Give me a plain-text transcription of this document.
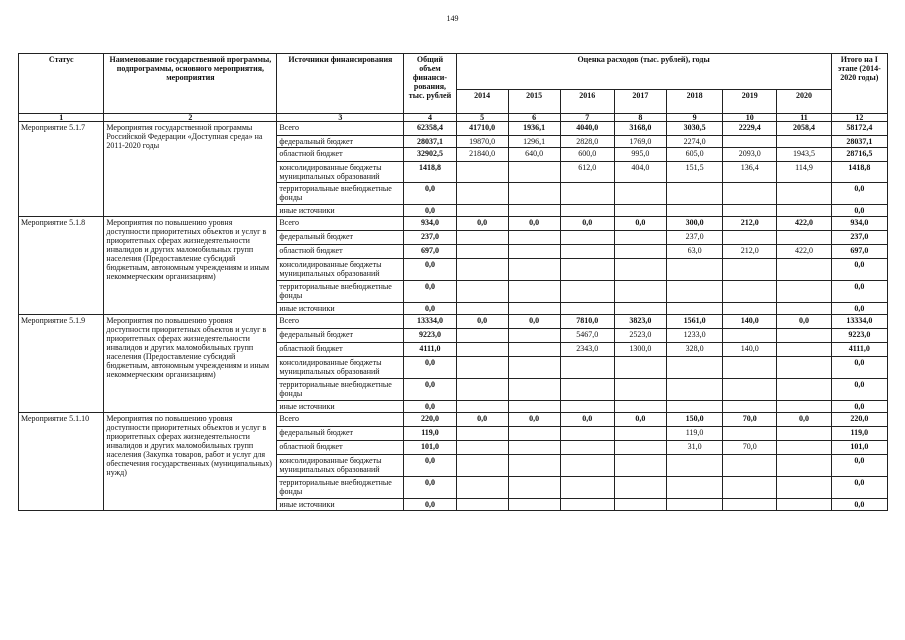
149
Статус	Наименование государственной программы, подпрограммы, основного мероприятия, мероприятия	Источники финансирования	Общий объем финанси-рования, тыс. рублей	Оценка расходов (тыс. рублей), годы							Итого на I этапе (2014-2020 годы)
				2014	2015	2016	2017	2018	2019	2020	
1	2	3	4	5	6	7	8	9	10	11	12
Мероприятие 5.1.7	Мероприятия государственной программы Российской Федерации «Доступная среда» на 2011-2020 годы	Всего	62358,4	41710,0	1936,1	4040,0	3168,0	3030,5	2229,4	2058,4	58172,4
		федеральный бюджет	28037,1	19870,0	1296,1	2828,0	1769,0	2274,0			28037,1
		областной бюджет	32902,5	21840,0	640,0	600,0	995,0	605,0	2093,0	1943,5	28716,5
		консолидированные бюджеты муниципальных образований	1418,8			612,0	404,0	151,5	136,4	114,9	1418,8
		территориальные внебюджетные фонды	0,0								0,0
		иные источники	0,0								0,0
Мероприятие 5.1.8	Мероприятия по повышению уровня доступности приоритетных объектов и услуг в приоритетных сферах жизнедеятельности инвалидов и других маломобильных групп населения (Предоставление субсидий бюджетным, автономным учреждениям и иным некоммерческим организациям)	Всего	934,0	0,0	0,0	0,0	0,0	300,0	212,0	422,0	934,0
		федеральный бюджет	237,0					237,0			237,0
		областной бюджет	697,0					63,0	212,0	422,0	697,0
		консолидированные бюджеты муниципальных образований	0,0								0,0
		территориальные внебюджетные фонды	0,0								0,0
		иные источники	0,0								0,0
Мероприятие 5.1.9	Мероприятия по повышению уровня доступности приоритетных объектов и услуг в приоритетных сферах жизнедеятельности инвалидов и других маломобильных групп населения (Предоставление субсидий бюджетным, автономным учреждениям и иным некоммерческим организациям)	Всего	13334,0	0,0	0,0	7810,0	3823,0	1561,0	140,0	0,0	13334,0
		федеральный бюджет	9223,0			5467,0	2523,0	1233,0			9223,0
		областной бюджет	4111,0			2343,0	1300,0	328,0	140,0		4111,0
		консолидированные бюджеты муниципальных образований	0,0								0,0
		территориальные внебюджетные фонды	0,0								0,0
		иные источники	0,0								0,0
Мероприятие 5.1.10	Мероприятия по повышению уровня доступности приоритетных объектов и услуг в приоритетных сферах жизнедеятельности инвалидов и других маломобильных групп населения (Закупка товаров, работ и услуг для обеспечения государственных (муниципальных) нужд)	Всего	220,0	0,0	0,0	0,0	0,0	150,0	70,0	0,0	220,0
		федеральный бюджет	119,0					119,0			119,0
		областной бюджет	101,0					31,0	70,0		101,0
		консолидированные бюджеты муниципальных образований	0,0								0,0
		территориальные внебюджетные фонды	0,0								0,0
		иные источники	0,0								0,0
